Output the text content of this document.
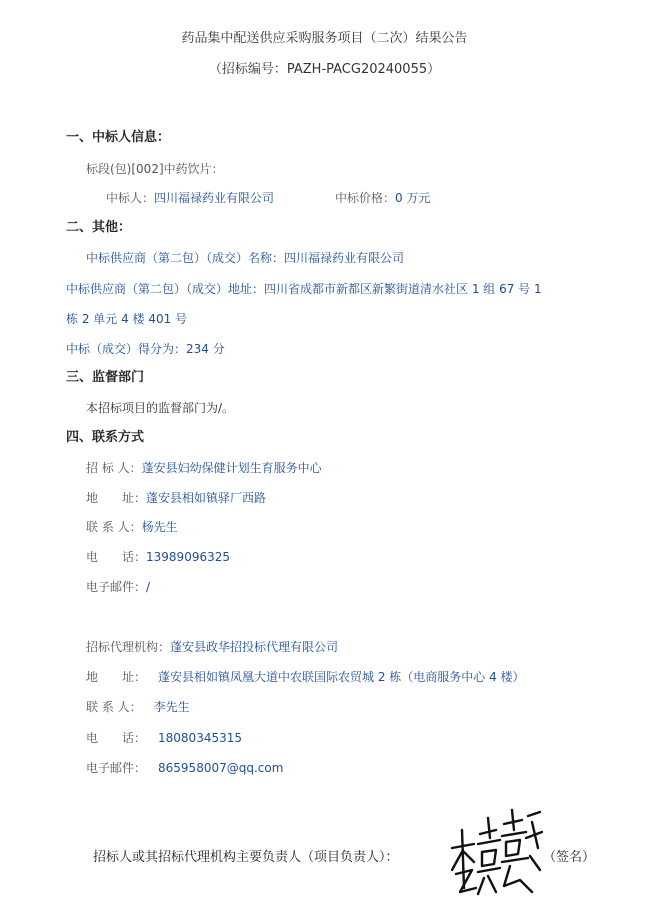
药品集中配送供应采购服务项目（二次）结果公告
（招标编号：PAZH-PACG20240055）
一、中标人信息：
标段(包)[002]中药饮片：
中标人：四川福禄药业有限公司	中标价格：0 万元
二、其他：
中标供应商（第二包）（成交）名称：四川福禄药业有限公司
中标供应商（第二包）（成交）地址：四川省成都市新都区新繁街道清水社区 1 组 67 号 1
栋 2 单元 4 楼 401 号
中标（成交）得分为：234 分
三、监督部门
本招标项目的监督部门为/。
四、联系方式
招 标 人：蓬安县妇幼保健计划生育服务中心
地　　址：蓬安县相如镇驿厂西路
联 系 人：杨先生
电　　话：13989096325
电子邮件：/
招标代理机构：蓬安县政华招投标代理有限公司
地　　址： 蓬安县相如镇凤凰大道中农联国际农贸城 2 栋（电商服务中心 4 楼）
联 系 人： 李先生
电　　话： 18080345315
电子邮件： 865958007@qq.com
招标人或其招标代理机构主要负责人（项目负责人）：	（签名）
